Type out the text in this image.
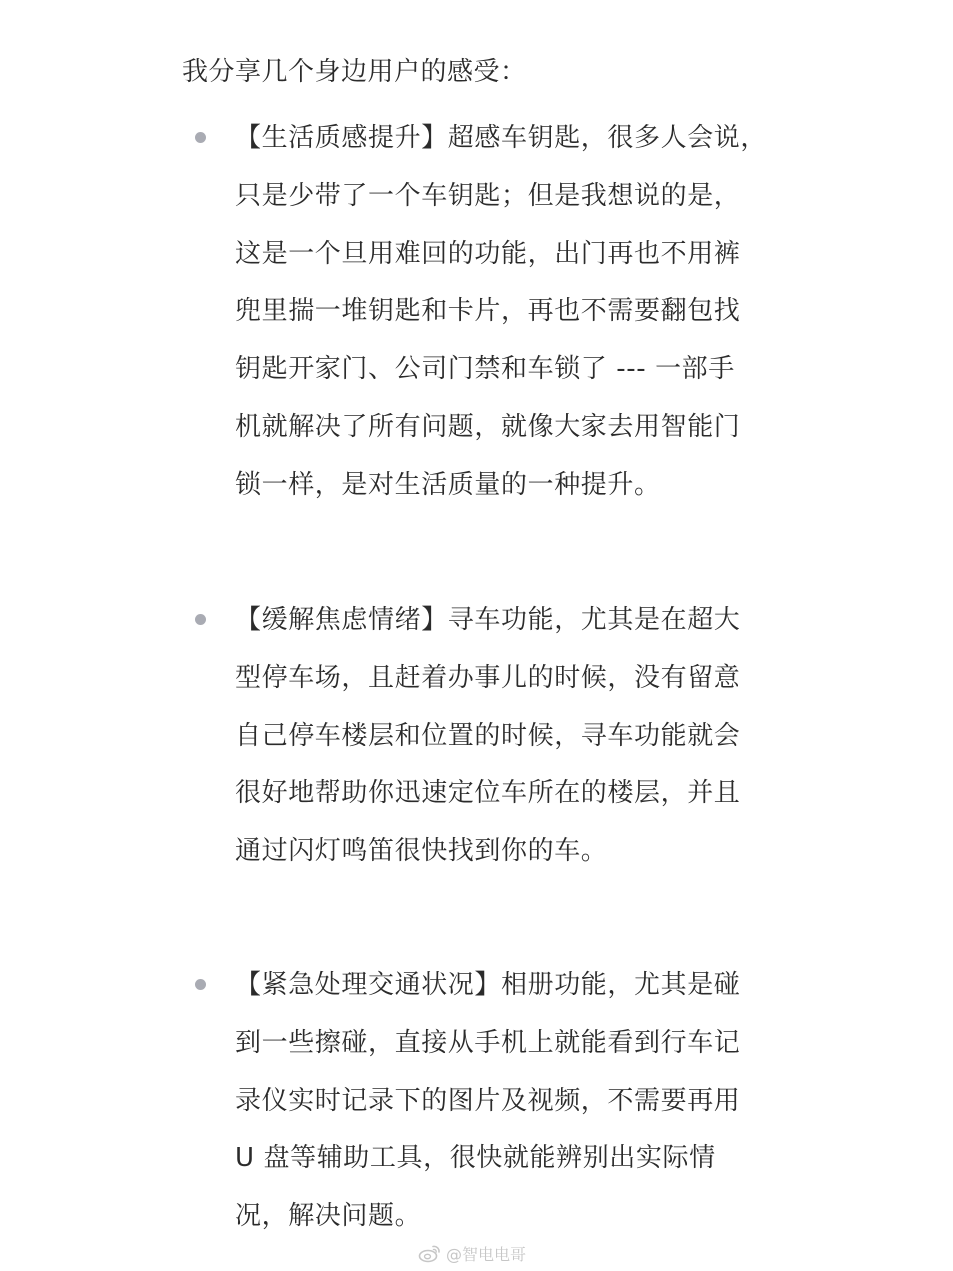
我分享几个身边用户的感受：
【生活质感提升】超感车钥匙，很多人会说，
只是少带了一个车钥匙；但是我想说的是，
这是一个旦用难回的功能，出门再也不用裤
兜里揣一堆钥匙和卡片，再也不需要翻包找
钥匙开家门、公司门禁和车锁了 --- 一部手
机就解决了所有问题，就像大家去用智能门
锁一样，是对生活质量的一种提升。
【缓解焦虑情绪】寻车功能，尤其是在超大
型停车场，且赶着办事儿的时候，没有留意
自己停车楼层和位置的时候，寻车功能就会
很好地帮助你迅速定位车所在的楼层，并且
通过闪灯鸣笛很快找到你的车。
【紧急处理交通状况】相册功能，尤其是碰
到一些擦碰，直接从手机上就能看到行车记
录仪实时记录下的图片及视频，不需要再用
U 盘等辅助工具，很快就能辨别出实际情
况，解决问题。
@智电电哥
